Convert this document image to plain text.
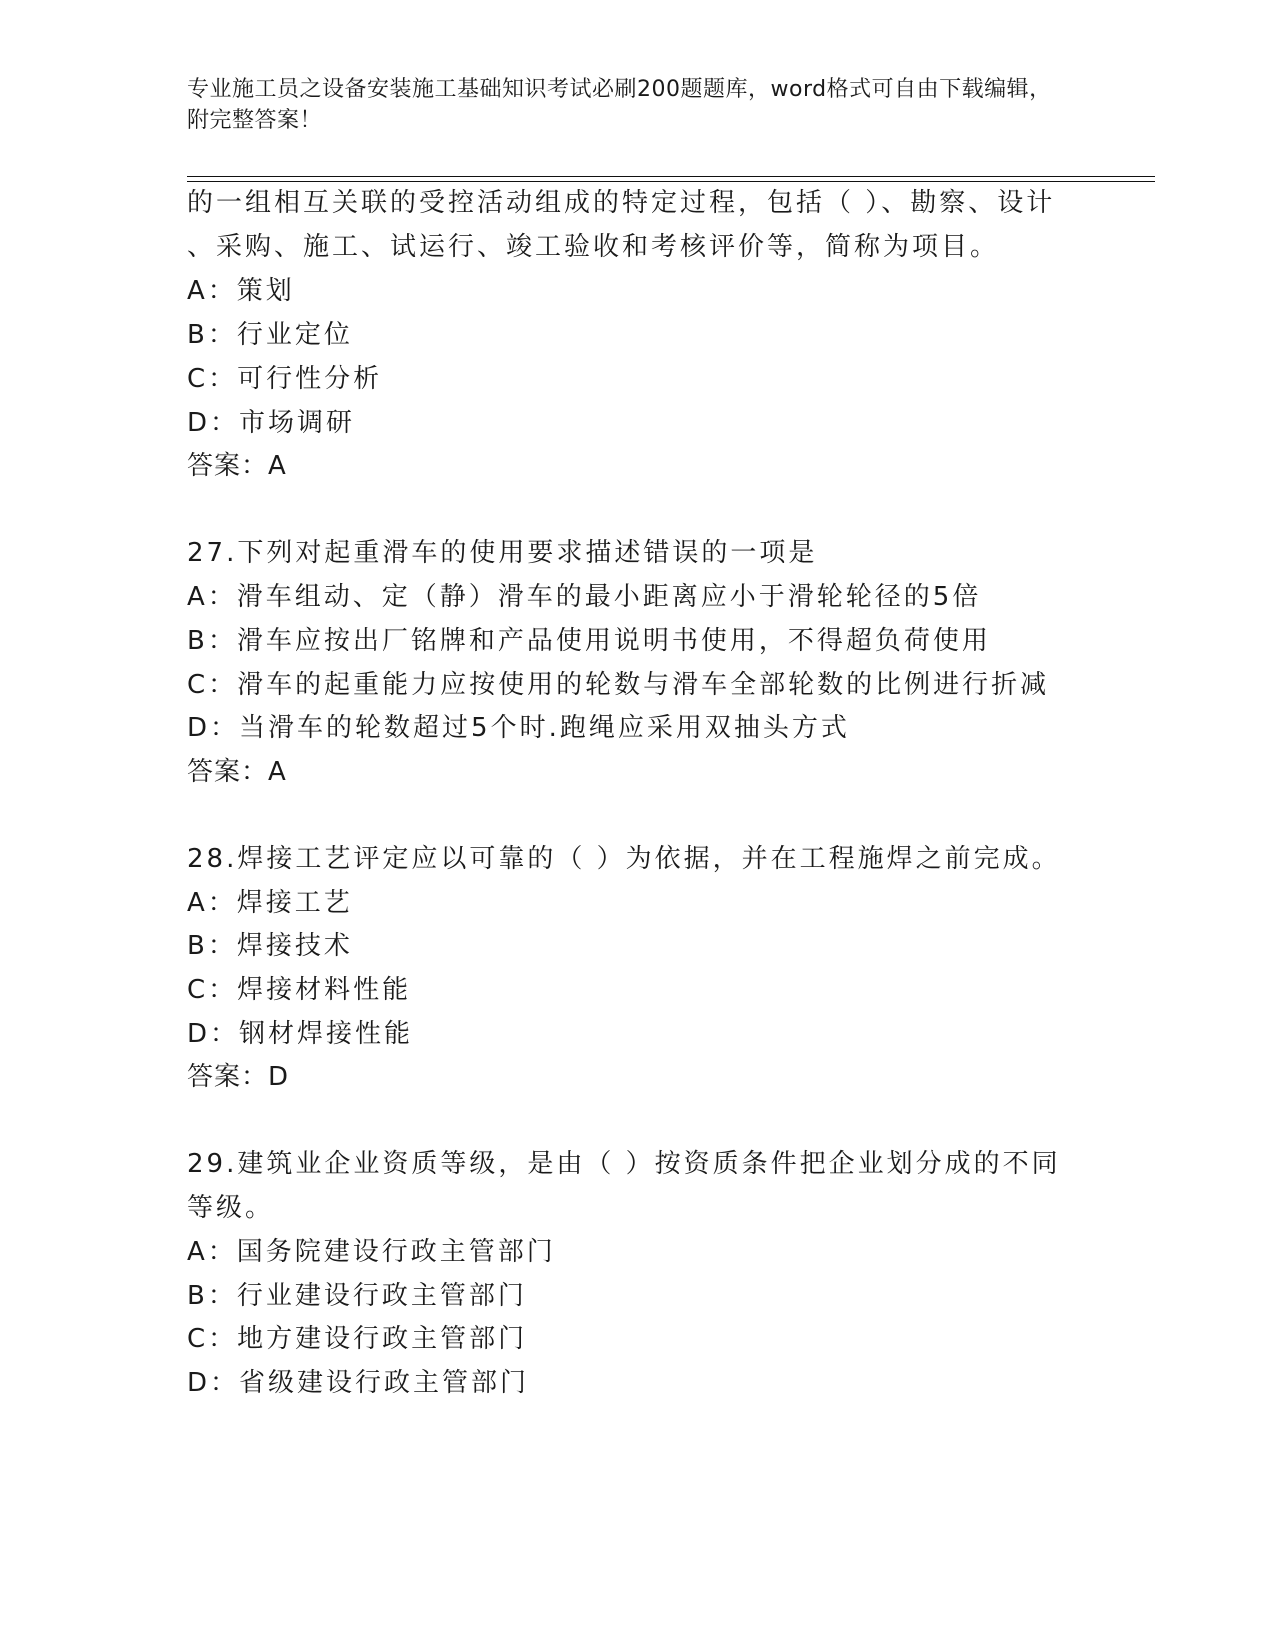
专业施工员之设备安装施工基础知识考试必刷200题题库，word格式可自由下载编辑，附完整答案！
的一组相互关联的受控活动组成的特定过程，包括（ ）、勘察、设计
、采购、施工、试运行、竣工验收和考核评价等，简称为项目。
A：策划
B：行业定位
C：可行性分析
D：市场调研
答案：A
27.下列对起重滑车的使用要求描述错误的一项是
A：滑车组动、定（静）滑车的最小距离应小于滑轮轮径的5倍
B：滑车应按出厂铭牌和产品使用说明书使用，不得超负荷使用
C：滑车的起重能力应按使用的轮数与滑车全部轮数的比例进行折减
D：当滑车的轮数超过5个时.跑绳应采用双抽头方式
答案：A
28.焊接工艺评定应以可靠的（ ）为依据，并在工程施焊之前完成。
A：焊接工艺
B：焊接技术
C：焊接材料性能
D：钢材焊接性能
答案：D
29.建筑业企业资质等级，是由（ ）按资质条件把企业划分成的不同
等级。
A：国务院建设行政主管部门
B：行业建设行政主管部门
C：地方建设行政主管部门
D：省级建设行政主管部门
